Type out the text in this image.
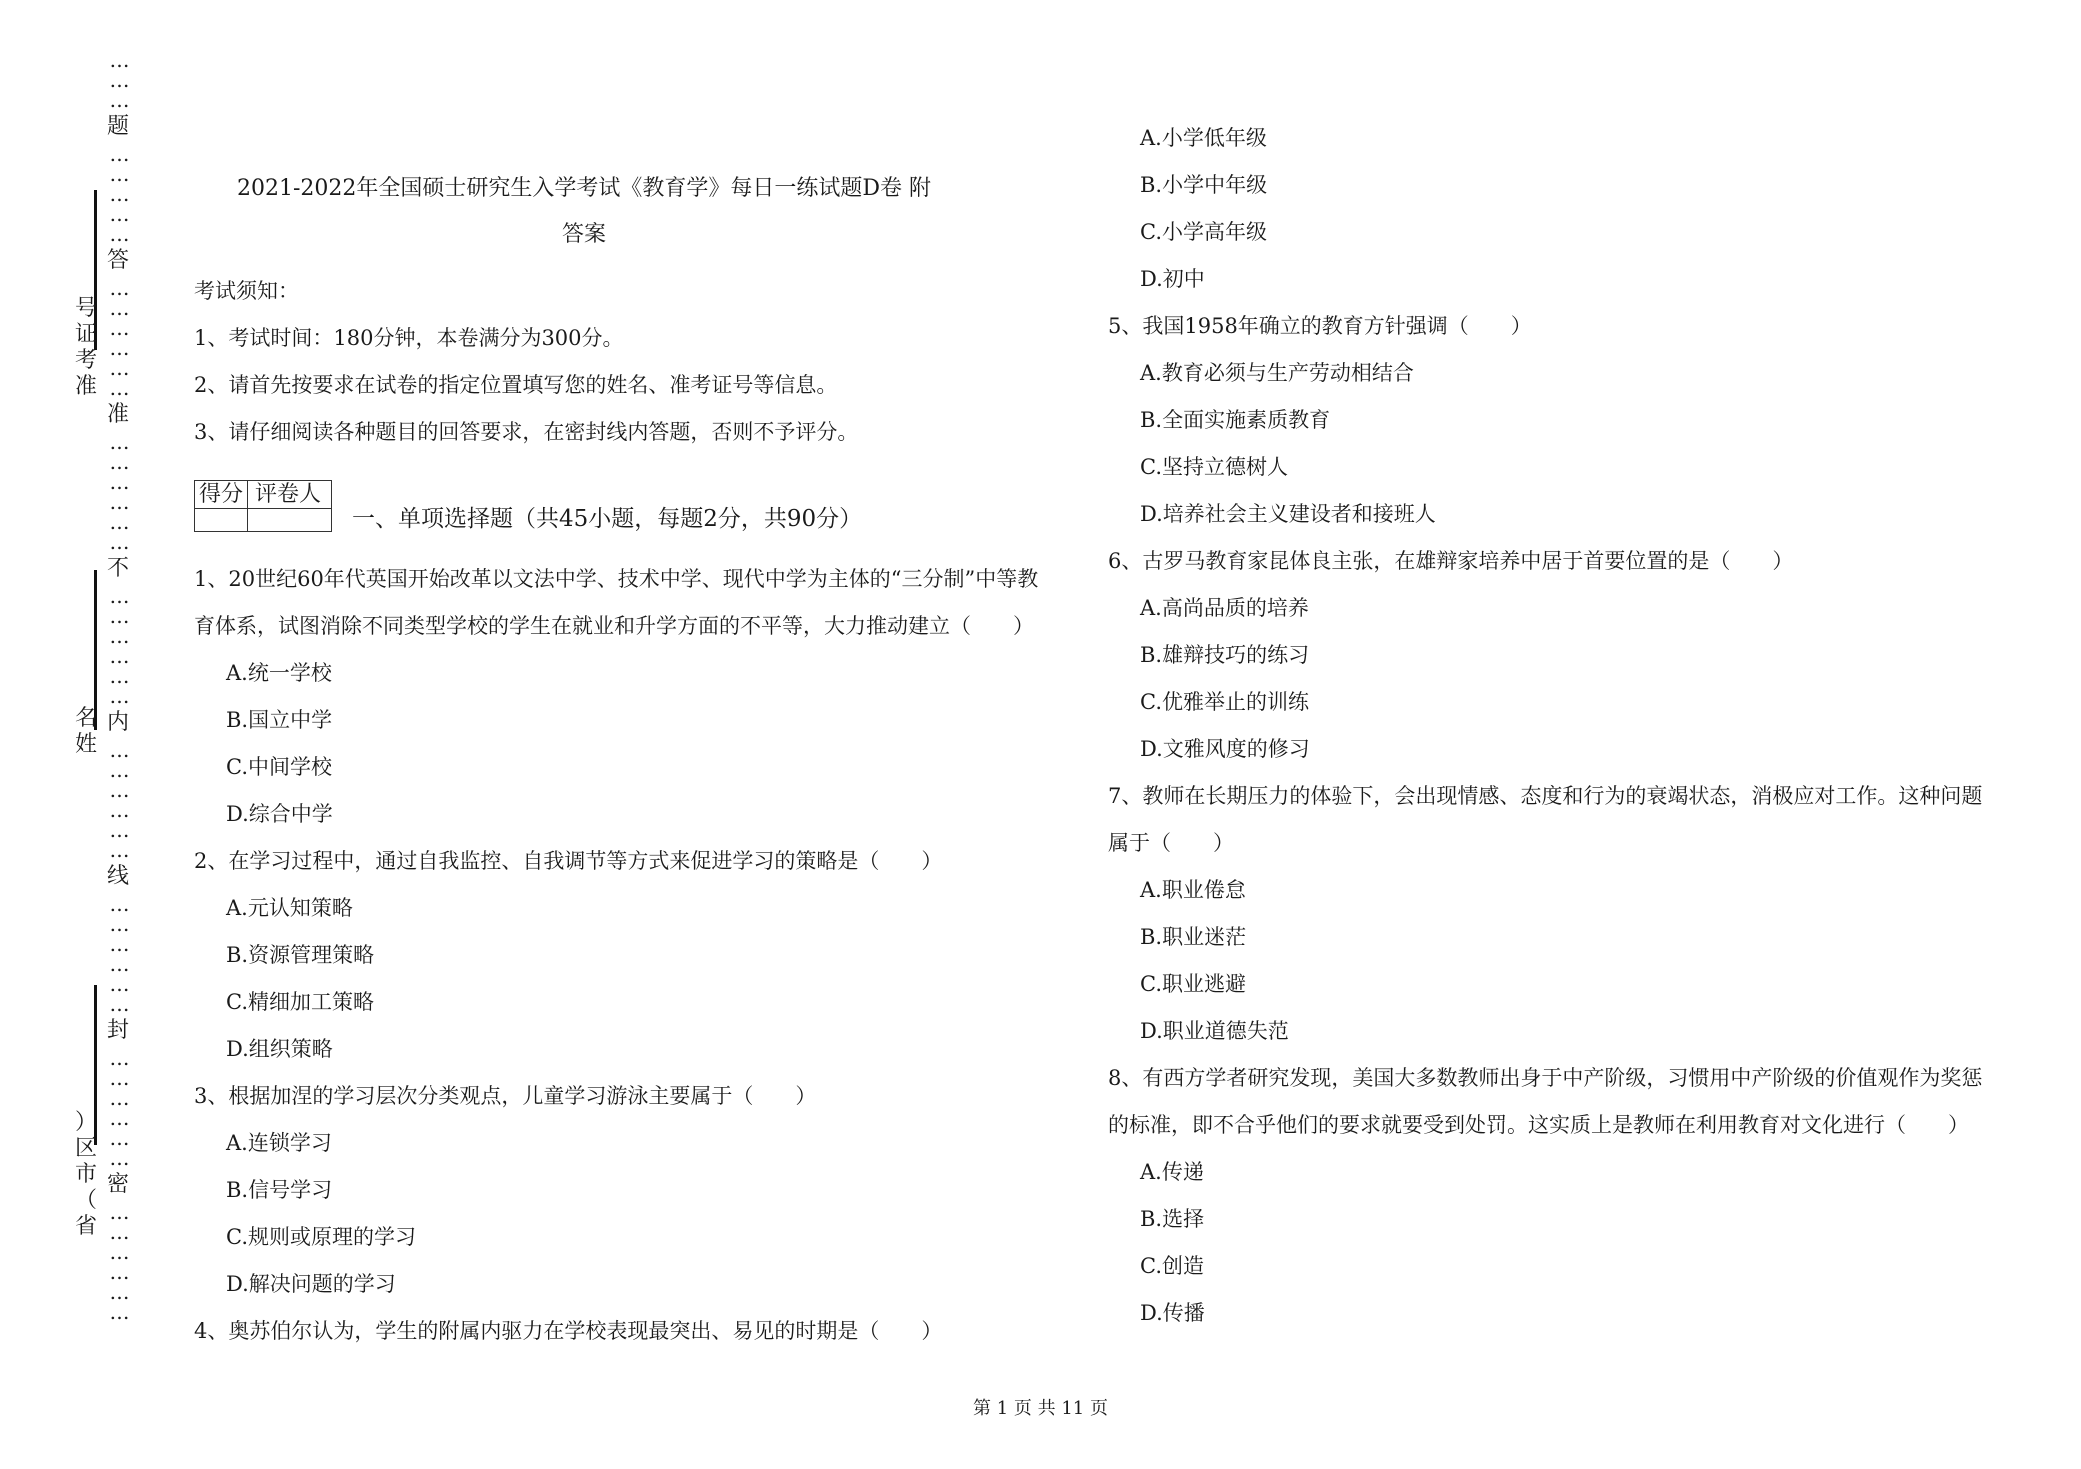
…
…
…
题
…
…
…
…
…
答
…
…
…
…
…
…
准
…
…
…
…
…
…
不
…
…
…
…
…
…
内
…
…
…
…
…
…
线
…
…
…
…
…
…
封
…
…
…
…
…
…
密
…
…
…
…
…
…
号
证
考
准
名
姓
）
区
市
（
省
2021-2022年全国硕士研究生入学考试《教育学》每日一练试题D卷 附
答案
考试须知：
1、考试时间：180分钟，本卷满分为300分。
2、请首先按要求在试卷的指定位置填写您的姓名、准考证号等信息。
3、请仔细阅读各种题目的回答要求，在密封线内答题，否则不予评分。
得分 评卷人
一、单项选择题（共45小题，每题2分，共90分）
1、20世纪60年代英国开始改革以文法中学、技术中学、现代中学为主体的“三分制”中等教
育体系，试图消除不同类型学校的学生在就业和升学方面的不平等，大力推动建立（　　）
A.统一学校
B.国立中学
C.中间学校
D.综合中学
2、在学习过程中，通过自我监控、自我调节等方式来促进学习的策略是（　　）
A.元认知策略
B.资源管理策略
C.精细加工策略
D.组织策略
3、根据加涅的学习层次分类观点，儿童学习游泳主要属于（　　）
A.连锁学习
B.信号学习
C.规则或原理的学习
D.解决问题的学习
4、奥苏伯尔认为，学生的附属内驱力在学校表现最突出、易见的时期是（　　）
A.小学低年级
B.小学中年级
C.小学高年级
D.初中
5、我国1958年确立的教育方针强调（　　）
A.教育必须与生产劳动相结合
B.全面实施素质教育
C.坚持立德树人
D.培养社会主义建设者和接班人
6、古罗马教育家昆体良主张，在雄辩家培养中居于首要位置的是（　　）
A.高尚品质的培养
B.雄辩技巧的练习
C.优雅举止的训练
D.文雅风度的修习
7、教师在长期压力的体验下，会出现情感、态度和行为的衰竭状态，消极应对工作。这种问题
属于（　　）
A.职业倦怠
B.职业迷茫
C.职业逃避
D.职业道德失范
8、有西方学者研究发现，美国大多数教师出身于中产阶级，习惯用中产阶级的价值观作为奖惩
的标准，即不合乎他们的要求就要受到处罚。这实质上是教师在利用教育对文化进行（　　）
A.传递
B.选择
C.创造
D.传播
第 1 页 共 11 页
